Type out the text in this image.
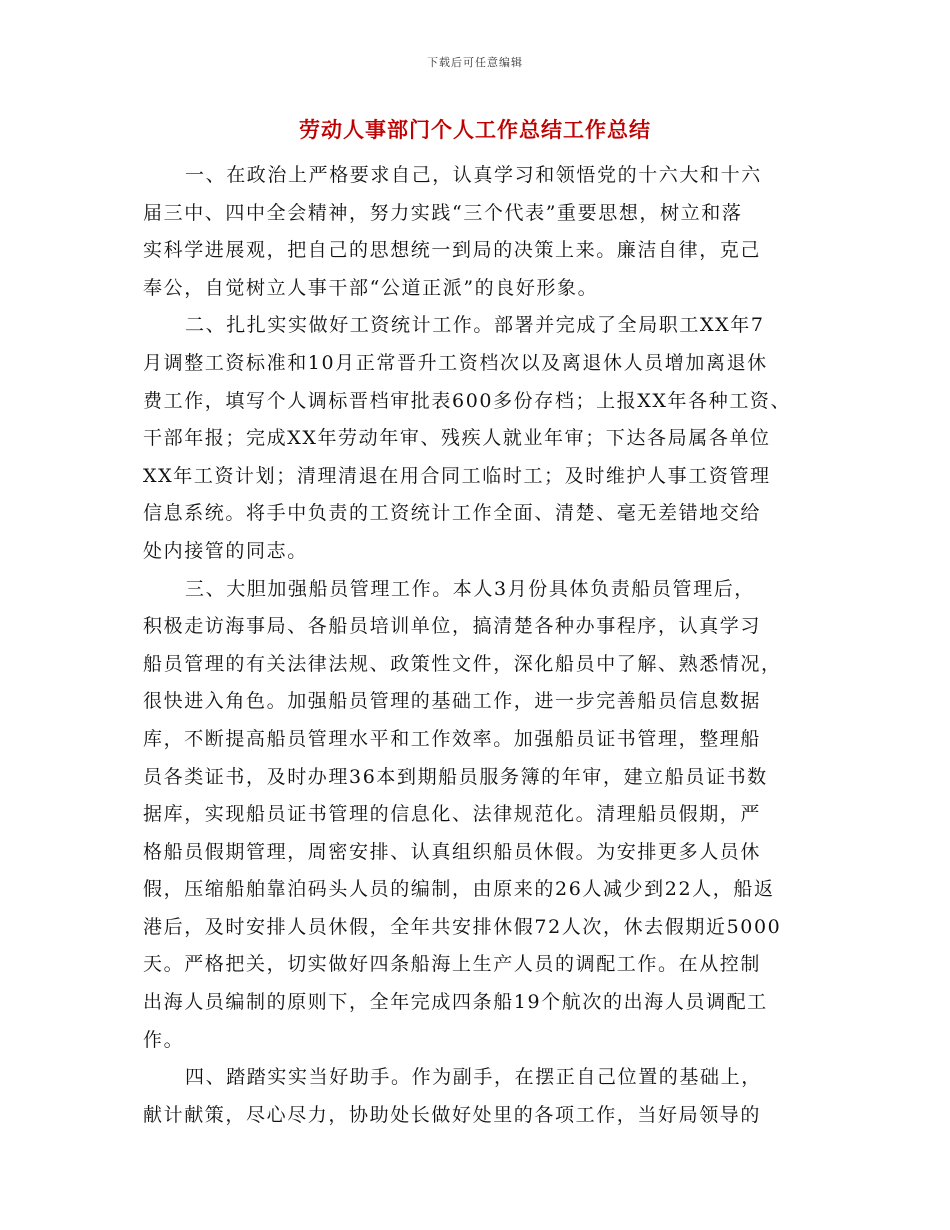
下载后可任意编辑
劳动人事部门个人工作总结工作总结
一、在政治上严格要求自己，认真学习和领悟党的十六大和十六
届三中、四中全会精神，努力实践“三个代表”重要思想，树立和落
实科学进展观，把自己的思想统一到局的决策上来。廉洁自律，克己
奉公，自觉树立人事干部“公道正派”的良好形象。
二、扎扎实实做好工资统计工作。部署并完成了全局职工XX年7
月调整工资标准和10月正常晋升工资档次以及离退休人员增加离退休
费工作，填写个人调标晋档审批表600多份存档；上报XX年各种工资、
干部年报；完成XX年劳动年审、残疾人就业年审；下达各局属各单位
XX年工资计划；清理清退在用合同工临时工；及时维护人事工资管理
信息系统。将手中负责的工资统计工作全面、清楚、毫无差错地交给
处内接管的同志。
三、大胆加强船员管理工作。本人3月份具体负责船员管理后，
积极走访海事局、各船员培训单位，搞清楚各种办事程序，认真学习
船员管理的有关法律法规、政策性文件，深化船员中了解、熟悉情况，
很快进入角色。加强船员管理的基础工作，进一步完善船员信息数据
库，不断提高船员管理水平和工作效率。加强船员证书管理，整理船
员各类证书，及时办理36本到期船员服务簿的年审，建立船员证书数
据库，实现船员证书管理的信息化、法律规范化。清理船员假期，严
格船员假期管理，周密安排、认真组织船员休假。为安排更多人员休
假，压缩船舶靠泊码头人员的编制，由原来的26人减少到22人，船返
港后，及时安排人员休假，全年共安排休假72人次，休去假期近5000
天。严格把关，切实做好四条船海上生产人员的调配工作。在从控制
出海人员编制的原则下，全年完成四条船19个航次的出海人员调配工
作。
四、踏踏实实当好助手。作为副手，在摆正自己位置的基础上，
献计献策，尽心尽力，协助处长做好处里的各项工作，当好局领导的
